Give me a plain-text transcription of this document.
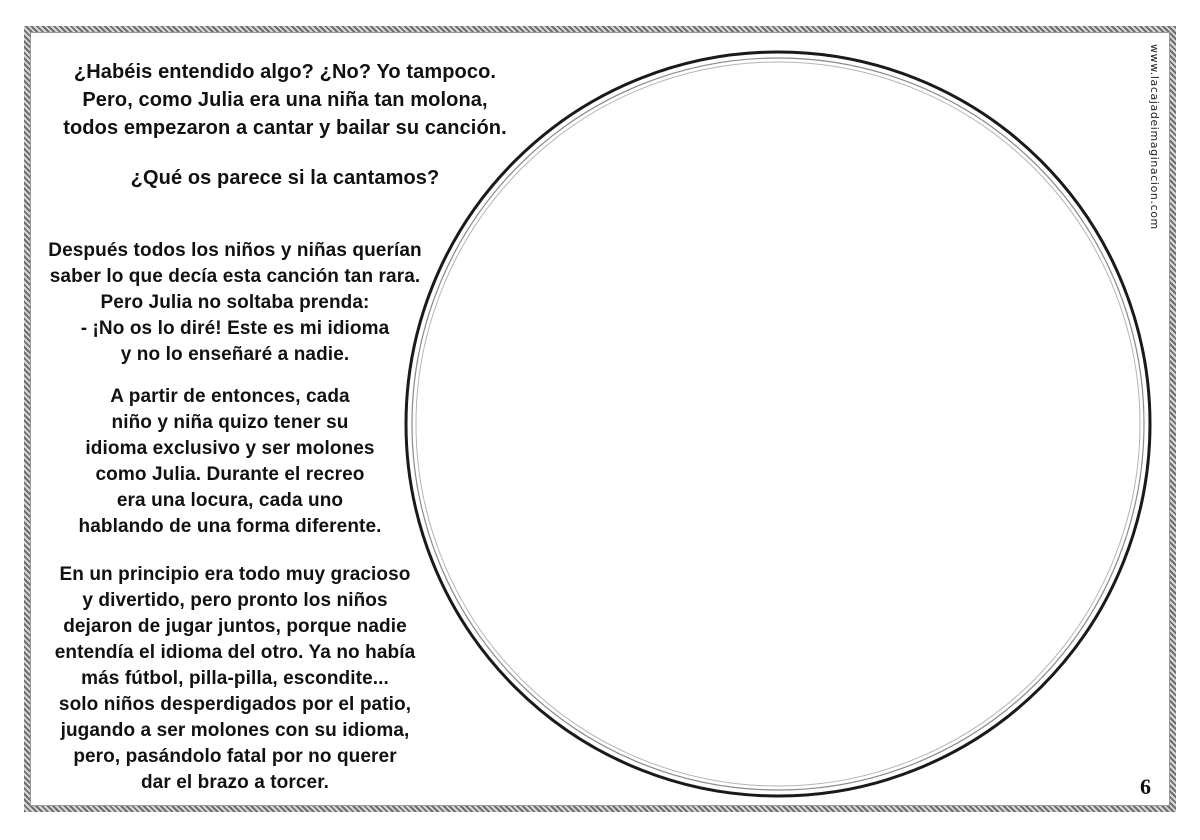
¿Habéis entendido algo? ¿No? Yo tampoco.
Pero, como Julia era una niña tan molona,
todos empezaron a cantar y bailar su canción.
¿Qué os parece si la cantamos?
Después todos los niños y niñas querían
saber lo que decía esta canción tan rara.
Pero Julia no soltaba prenda:
- ¡No os lo diré! Este es mi idioma
y no lo enseñaré a nadie.
A partir de entonces, cada
niño y niña quizo tener su
idioma exclusivo y ser molones
como Julia. Durante el recreo
era una locura, cada uno
hablando de una forma diferente.
En un principio era todo muy gracioso
y divertido, pero pronto los niños
dejaron de jugar juntos, porque nadie
entendía el idioma del otro. Ya no había
más fútbol, pilla-pilla, escondite...
solo niños desperdigados por el patio,
jugando a ser molones con su idioma,
pero, pasándolo fatal por no querer
dar el brazo a torcer.
www.lacajadeimaginacion.com
6
